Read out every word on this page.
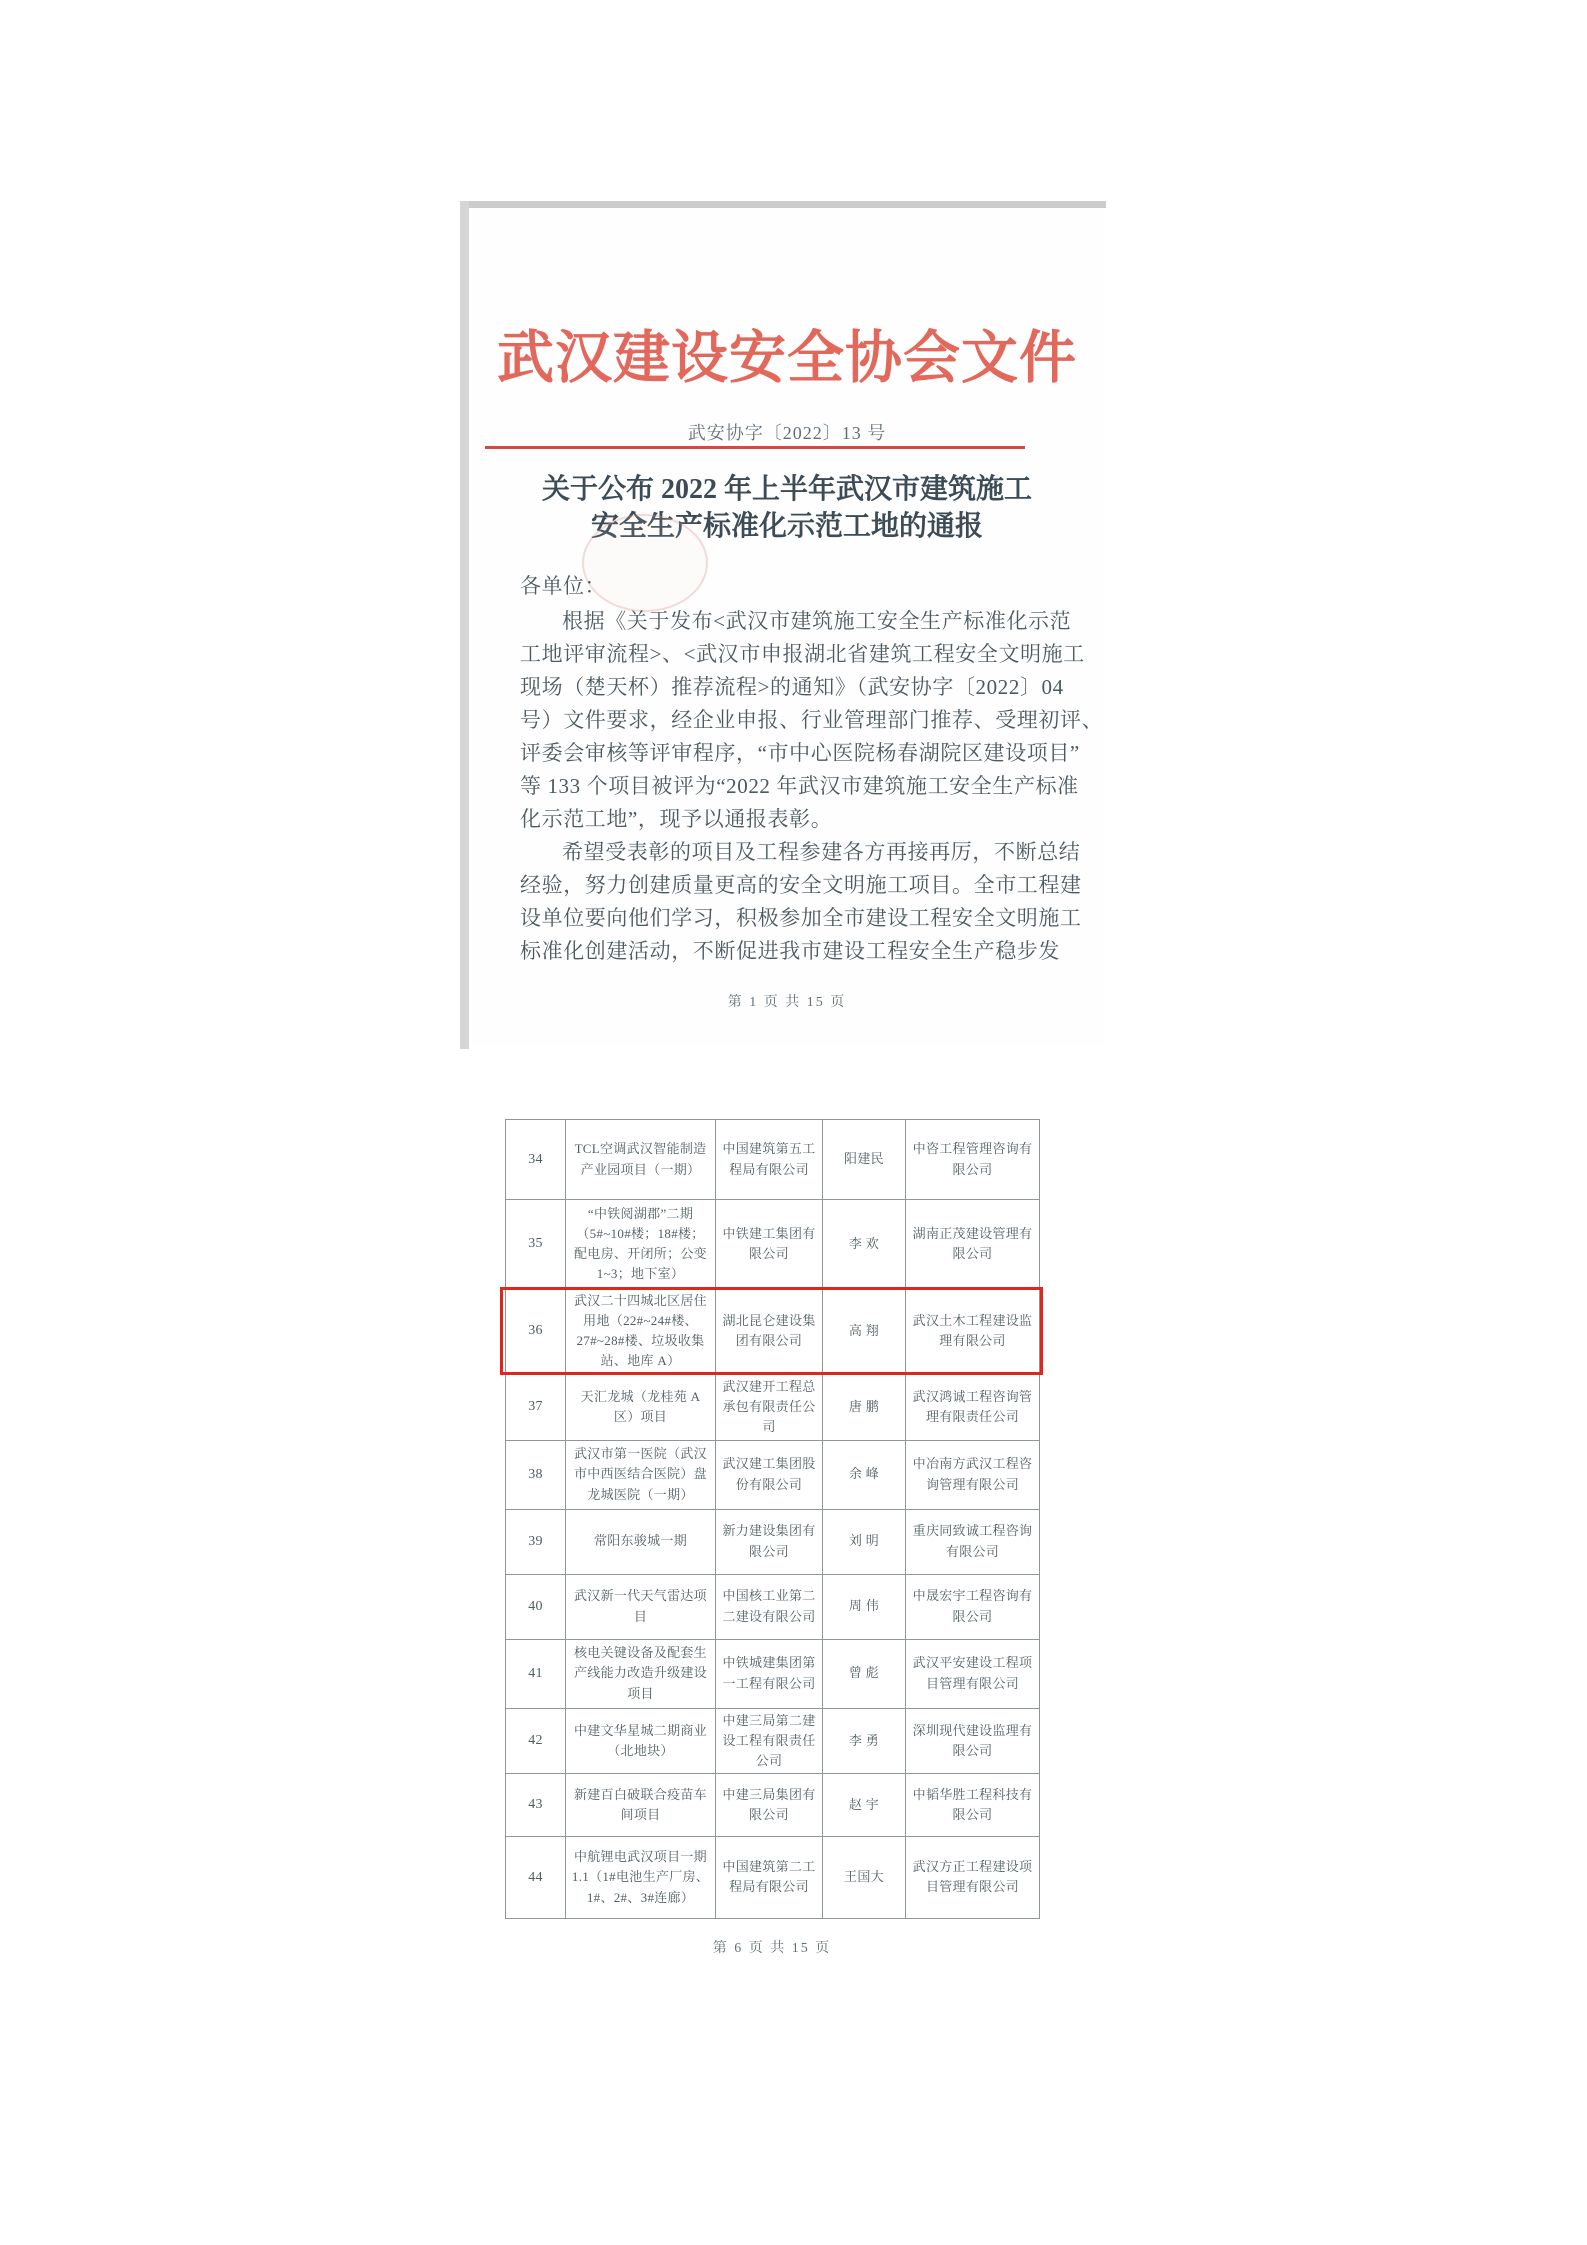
武汉建设安全协会文件
武安协字〔2022〕13 号
关于公布 2022 年上半年武汉市建筑施工
安全生产标准化示范工地的通报
各单位：
根据《关于发布<武汉市建筑施工安全生产标准化示范
工地评审流程>、<武汉市申报湖北省建筑工程安全文明施工
现场（楚天杯）推荐流程>的通知》（武安协字〔2022〕04
号）文件要求，经企业申报、行业管理部门推荐、受理初评、
评委会审核等评审程序，“市中心医院杨春湖院区建设项目”
等 133 个项目被评为“2022 年武汉市建筑施工安全生产标准
化示范工地”，现予以通报表彰。
希望受表彰的项目及工程参建各方再接再厉，不断总结
经验，努力创建质量更高的安全文明施工项目。全市工程建
设单位要向他们学习，积极参加全市建设工程安全文明施工
标准化创建活动，不断促进我市建设工程安全生产稳步发
第 1 页 共 15 页
34	TCL空调武汉智能制造产业园项目（一期）	中国建筑第五工程局有限公司	阳建民	中咨工程管理咨询有限公司
35	“中铁阅湖郡”二期（5#~10#楼；18#楼；配电房、开闭所；公变 1~3；地下室）	中铁建工集团有限公司	李 欢	湖南正茂建设管理有限公司
36	武汉二十四城北区居住用地（22#~24#楼、27#~28#楼、垃圾收集站、地库 A）	湖北昆仑建设集团有限公司	高 翔	武汉土木工程建设监理有限公司
37	天汇龙城（龙桂苑 A 区）项目	武汉建开工程总承包有限责任公司	唐 鹏	武汉鸿诚工程咨询管理有限责任公司
38	武汉市第一医院（武汉市中西医结合医院）盘龙城医院（一期）	武汉建工集团股份有限公司	余 峰	中冶南方武汉工程咨询管理有限公司
39	常阳东骏城一期	新力建设集团有限公司	刘 明	重庆同致诚工程咨询有限公司
40	武汉新一代天气雷达项目	中国核工业第二二建设有限公司	周 伟	中晟宏宇工程咨询有限公司
41	核电关键设备及配套生产线能力改造升级建设项目	中铁城建集团第一工程有限公司	曾 彪	武汉平安建设工程项目管理有限公司
42	中建文华星城二期商业（北地块）	中建三局第二建设工程有限责任公司	李 勇	深圳现代建设监理有限公司
43	新建百白破联合疫苗车间项目	中建三局集团有限公司	赵 宇	中韬华胜工程科技有限公司
44	中航锂电武汉项目一期 1.1（1#电池生产厂房、1#、2#、3#连廊）	中国建筑第二工程局有限公司	王国大	武汉方正工程建设项目管理有限公司
第 6 页 共 15 页
